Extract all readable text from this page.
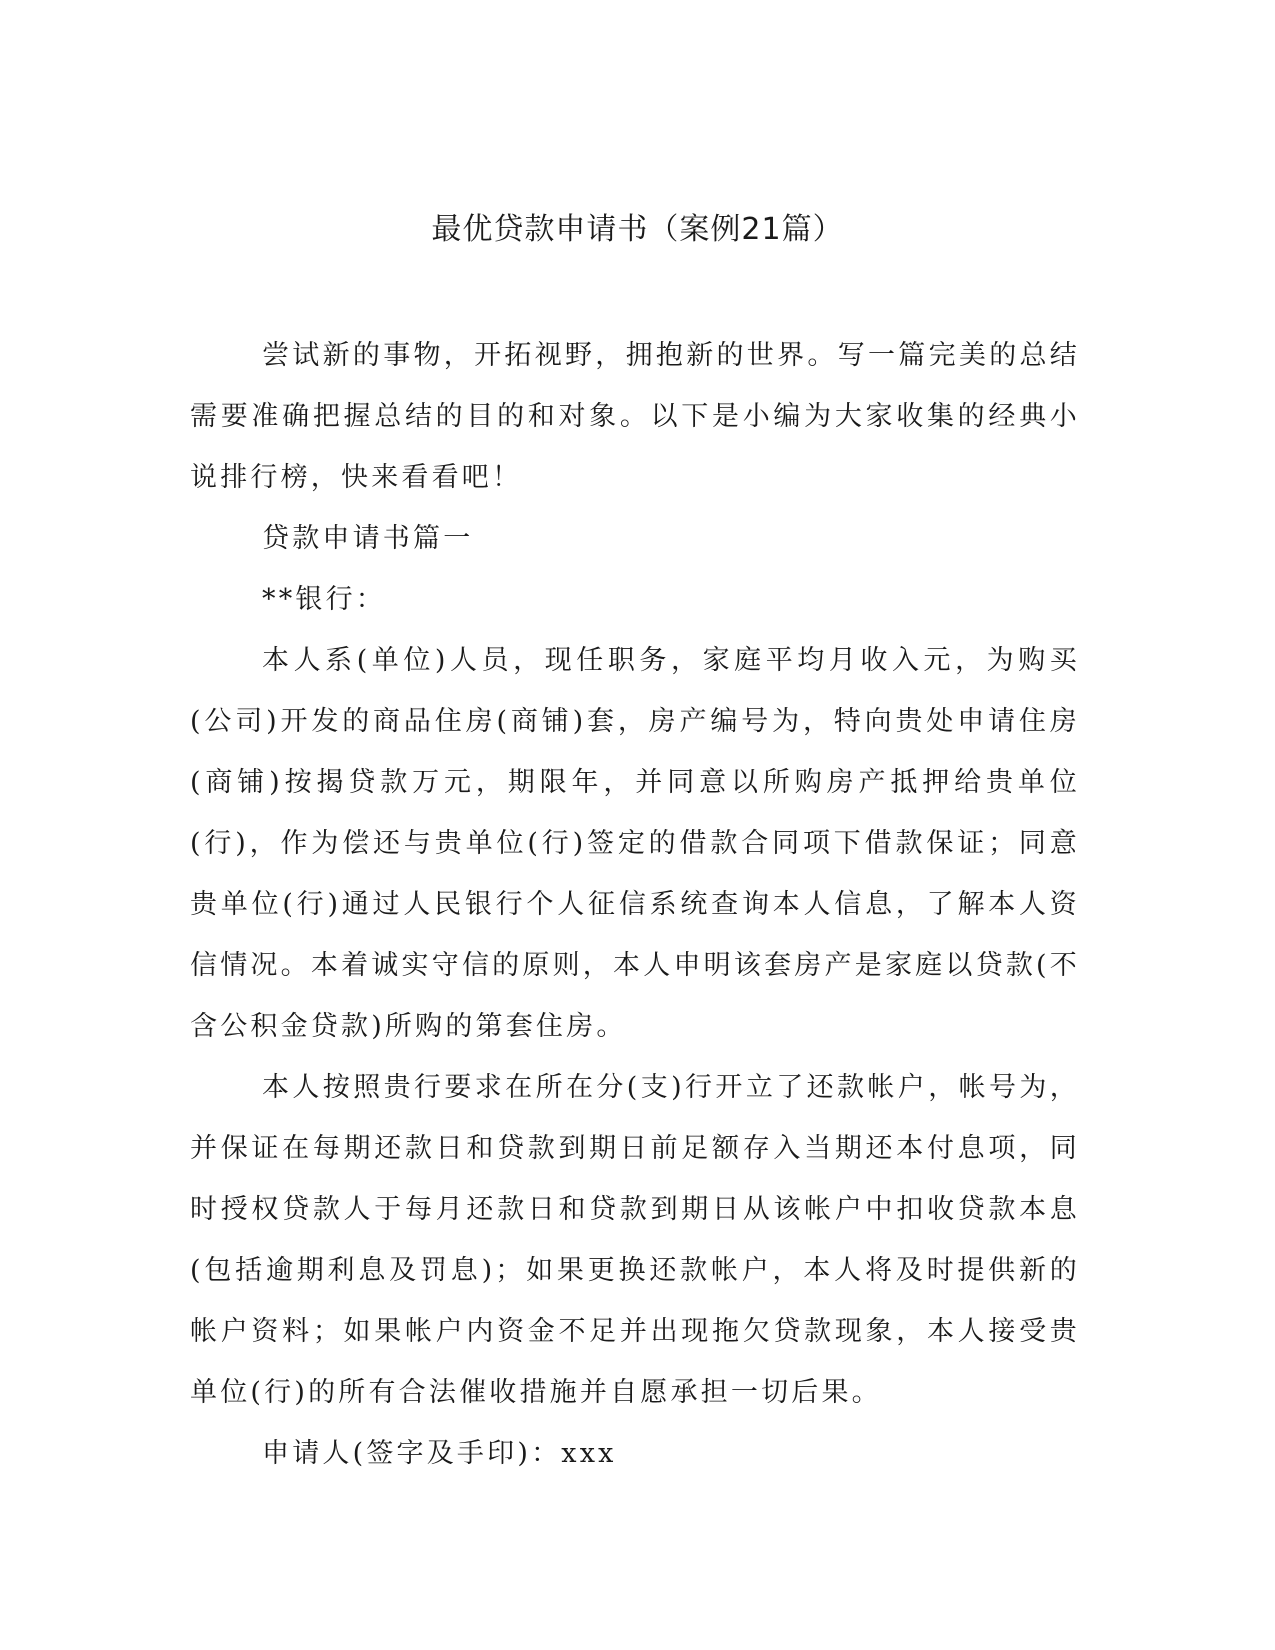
最优贷款申请书（案例21篇）

尝试新的事物，开拓视野，拥抱新的世界。写一篇完美的总结需要准确把握总结的目的和对象。以下是小编为大家收集的经典小说排行榜，快来看看吧！

贷款申请书篇一

**银行：

本人系(单位)人员，现任职务，家庭平均月收入元，为购买(公司)开发的商品住房(商铺)套，房产编号为，特向贵处申请住房(商铺)按揭贷款万元，期限年，并同意以所购房产抵押给贵单位(行)，作为偿还与贵单位(行)签定的借款合同项下借款保证；同意贵单位(行)通过人民银行个人征信系统查询本人信息，了解本人资信情况。本着诚实守信的原则，本人申明该套房产是家庭以贷款(不含公积金贷款)所购的第套住房。

本人按照贵行要求在所在分(支)行开立了还款帐户，帐号为，并保证在每期还款日和贷款到期日前足额存入当期还本付息项，同时授权贷款人于每月还款日和贷款到期日从该帐户中扣收贷款本息(包括逾期利息及罚息)；如果更换还款帐户，本人将及时提供新的帐户资料；如果帐户内资金不足并出现拖欠贷款现象，本人接受贵单位(行)的所有合法催收措施并自愿承担一切后果。

申请人(签字及手印)：xxx
